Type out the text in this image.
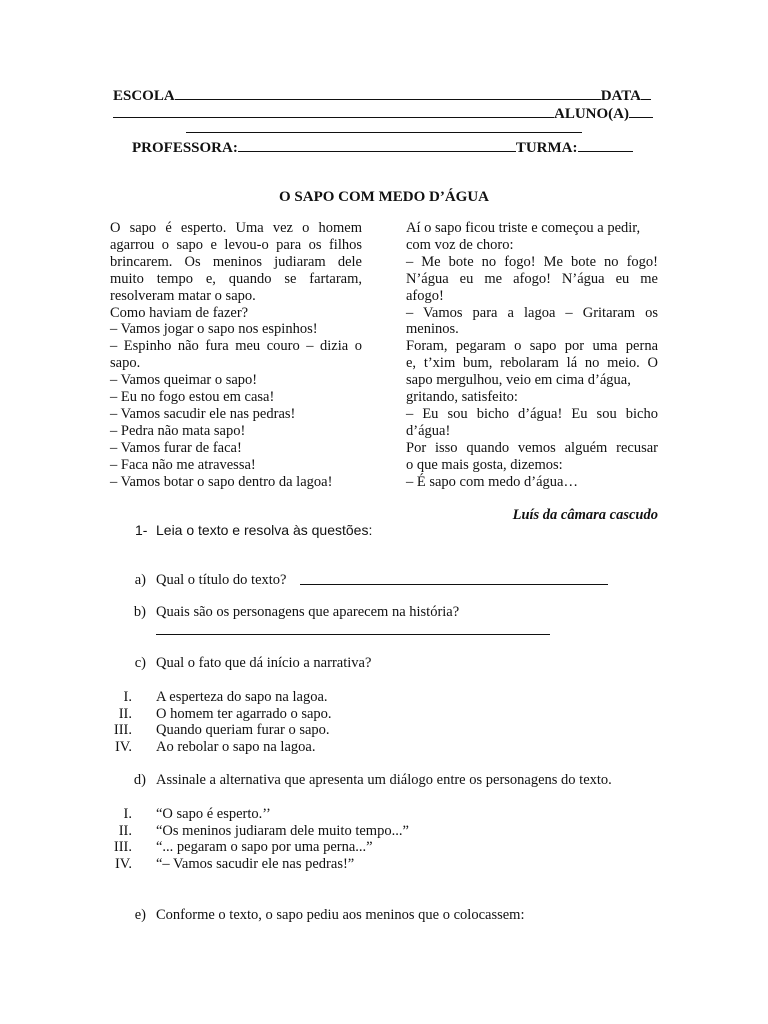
ESCOLA	DATA
ALUNO(A)
PROFESSORA:	TURMA:
O SAPO COM MEDO D’ÁGUA
O sapo é esperto. Uma vez o homem
agarrou o sapo e levou-o para os filhos
brincarem. Os meninos judiaram dele
muito tempo e, quando se fartaram,
resolveram matar o sapo.
Como haviam de fazer?
– Vamos jogar o sapo nos espinhos!
– Espinho não fura meu couro – dizia o
sapo.
– Vamos queimar o sapo!
– Eu no fogo estou em casa!
– Vamos sacudir ele nas pedras!
– Pedra não mata sapo!
– Vamos furar de faca!
– Faca não me atravessa!
– Vamos botar o sapo dentro da lagoa!
Aí o sapo ficou triste e começou a pedir,
com voz de choro:
– Me bote no fogo! Me bote no fogo!
N’água eu me afogo! N’água eu me
afogo!
– Vamos para a lagoa – Gritaram os
meninos.
Foram, pegaram o sapo por uma perna
e, t’xim bum, rebolaram lá no meio. O
sapo mergulhou, veio em cima d’água,
gritando, satisfeito:
– Eu sou bicho d’água! Eu sou bicho
d’água!
Por isso quando vemos alguém recusar
o que mais gosta, dizemos:
– É sapo com medo d’água…
Luís da câmara cascudo
1- Leia o texto e resolva às questões:
a) Qual o título do texto?
b) Quais são os personagens que aparecem na história?
c) Qual o fato que dá início a narrativa?
I. A esperteza do sapo na lagoa.
II. O homem ter agarrado o sapo.
III. Quando queriam furar o sapo.
IV. Ao rebolar o sapo na lagoa.
d) Assinale a alternativa que apresenta um diálogo entre os personagens do texto.
I. “O sapo é esperto.’’
II. “Os meninos judiaram dele muito tempo...”
III. “... pegaram o sapo por uma perna...”
IV. “– Vamos sacudir ele nas pedras!”
e) Conforme o texto, o sapo pediu aos meninos que o colocassem:
